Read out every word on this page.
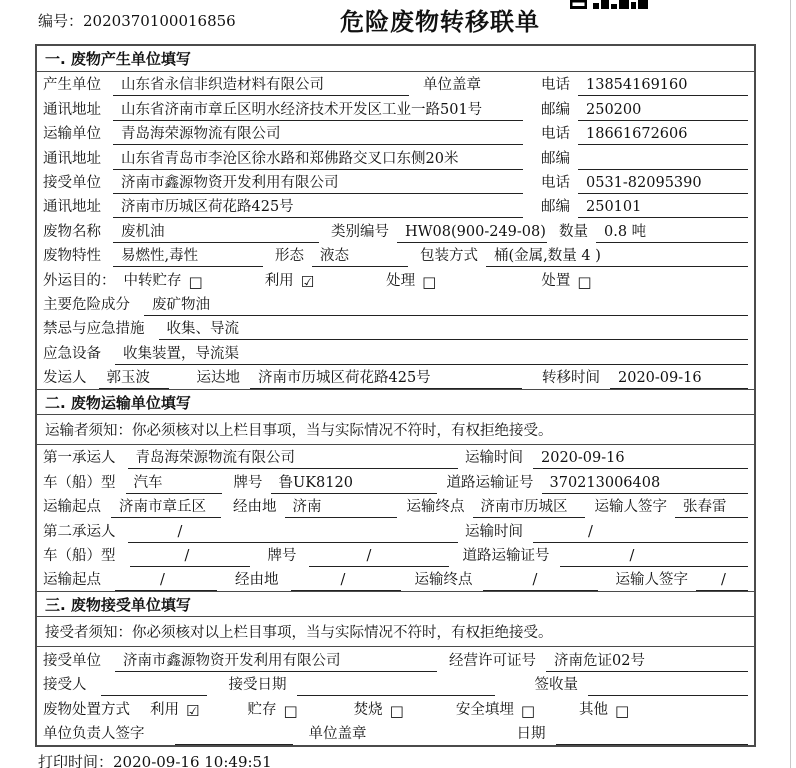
编号：2020370100016856	危险废物转移联单
一. 废物产生单位填写
产生单位	山东省永信非织造材料有限公司	单位盖章	电话	13854169160
通讯地址	山东省济南市章丘区明水经济技术开发区工业一路501号	邮编	250200
运输单位	青岛海荣源物流有限公司	电话	18661672606
通讯地址	山东省青岛市李沧区徐水路和郑佛路交叉口东侧20米	邮编
接受单位	济南市鑫源物资开发利用有限公司	电话	0531-82095390
通讯地址	济南市历城区荷花路425号	邮编	250101
废物名称	废机油	类别编号	HW08(900-249-08) 数量	0.8 吨
废物特性	易燃性,毒性	形态	液态	包装方式	桶(金属,数量 4 )
外运目的： 中转贮存 □	利用 ☑	处理 □	处置 □
主要危险成分	废矿物油
禁忌与应急措施	收集、导流
应急设备	收集装置，导流渠
发运人	郭玉波	运达地	济南市历城区荷花路425号	转移时间	2020-09-16
二. 废物运输单位填写
运输者须知：你必须核对以上栏目事项，当与实际情况不符时，有权拒绝接受。
第一承运人	青岛海荣源物流有限公司	运输时间	2020-09-16
车（船）型	汽车	牌号	鲁UK8120	道路运输证号	370213006408
运输起点	济南市章丘区	经由地	济南	运输终点	济南市历城区	运输人签字	张春雷
第二承运人	/	运输时间	/
车（船）型	/	牌号	/	道路运输证号	/
运输起点	/	经由地	/	运输终点	/	运输人签字	/
三. 废物接受单位填写
接受者须知：你必须核对以上栏目事项，当与实际情况不符时，有权拒绝接受。
接受单位	济南市鑫源物资开发利用有限公司	经营许可证号	济南危证02号
接受人	接受日期	签收量
废物处置方式 利用 ☑	贮存 □	焚烧 □	安全填埋 □	其他 □
单位负责人签字	单位盖章	日期
打印时间：2020-09-16 10:49:51
